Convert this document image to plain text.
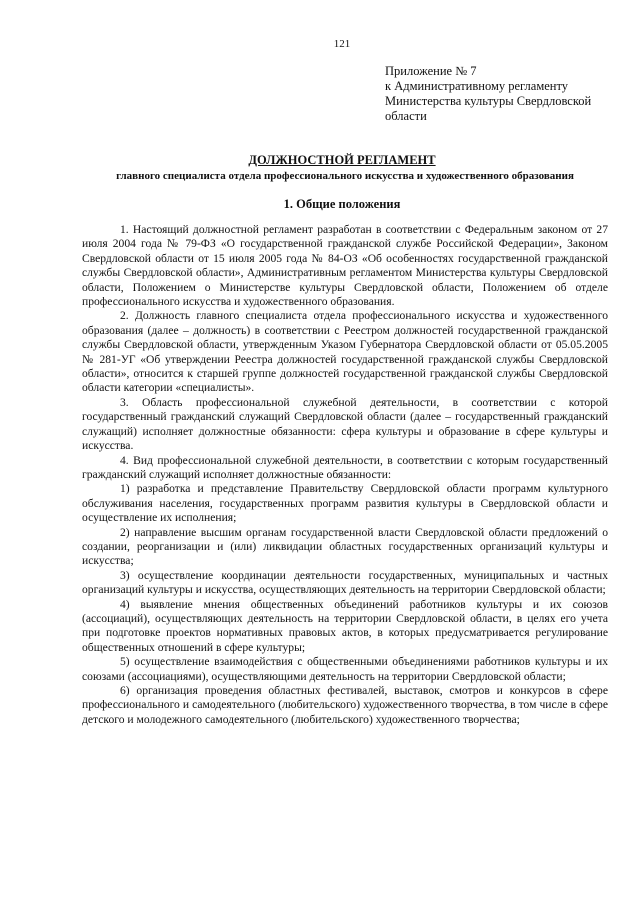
121
Приложение № 7
к Административному регламенту
Министерства культуры Свердловской
области
ДОЛЖНОСТНОЙ РЕГЛАМЕНТ
главного специалиста отдела профессионального искусства и художественного образования
1. Общие положения

1. Настоящий должностной регламент разработан в соответствии с Федеральным законом от 27 июля 2004 года № 79-ФЗ «О государственной гражданской службе Российской Федерации», Законом Свердловской области от 15 июля 2005 года № 84-ОЗ «Об особенностях государственной гражданской службы Свердловской области», Административным регламентом Министерства культуры Свердловской области, Положением о Министерстве культуры Свердловской области, Положением об отделе профессионального искусства и художественного образования.

2. Должность главного специалиста отдела профессионального искусства и художественного образования (далее – должность) в соответствии с Реестром должностей государственной гражданской службы Свердловской области, утвержденным Указом Губернатора Свердловской области от 05.05.2005 № 281-УГ «Об утверждении Реестра должностей государственной гражданской службы Свердловской области», относится к старшей группе должностей государственной гражданской службы Свердловской области категории «специалисты».

3. Область профессиональной служебной деятельности, в соответствии с которой государственный гражданский служащий Свердловской области (далее – государственный гражданский служащий) исполняет должностные обязанности: сфера культуры и образование в сфере культуры и искусства.

4. Вид профессиональной служебной деятельности, в соответствии с которым государственный гражданский служащий исполняет должностные обязанности:

1) разработка и представление Правительству Свердловской области программ культурного обслуживания населения, государственных программ развития культуры в Свердловской области и осуществление их исполнения;

2) направление высшим органам государственной власти Свердловской области предложений о создании, реорганизации и (или) ликвидации областных государственных организаций культуры и искусства;

3) осуществление координации деятельности государственных, муниципальных и частных организаций культуры и искусства, осуществляющих деятельность на территории Свердловской области;

4) выявление мнения общественных объединений работников культуры и их союзов (ассоциаций), осуществляющих деятельность на территории Свердловской области, в целях его учета при подготовке проектов нормативных правовых актов, в которых предусматривается регулирование общественных отношений в сфере культуры;

5) осуществление взаимодействия с общественными объединениями работников культуры и их союзами (ассоциациями), осуществляющими деятельность на территории Свердловской области;

6) организация проведения областных фестивалей, выставок, смотров и конкурсов в сфере профессионального и самодеятельного (любительского) художественного творчества, в том числе в сфере детского и молодежного самодеятельного (любительского) художественного творчества;
